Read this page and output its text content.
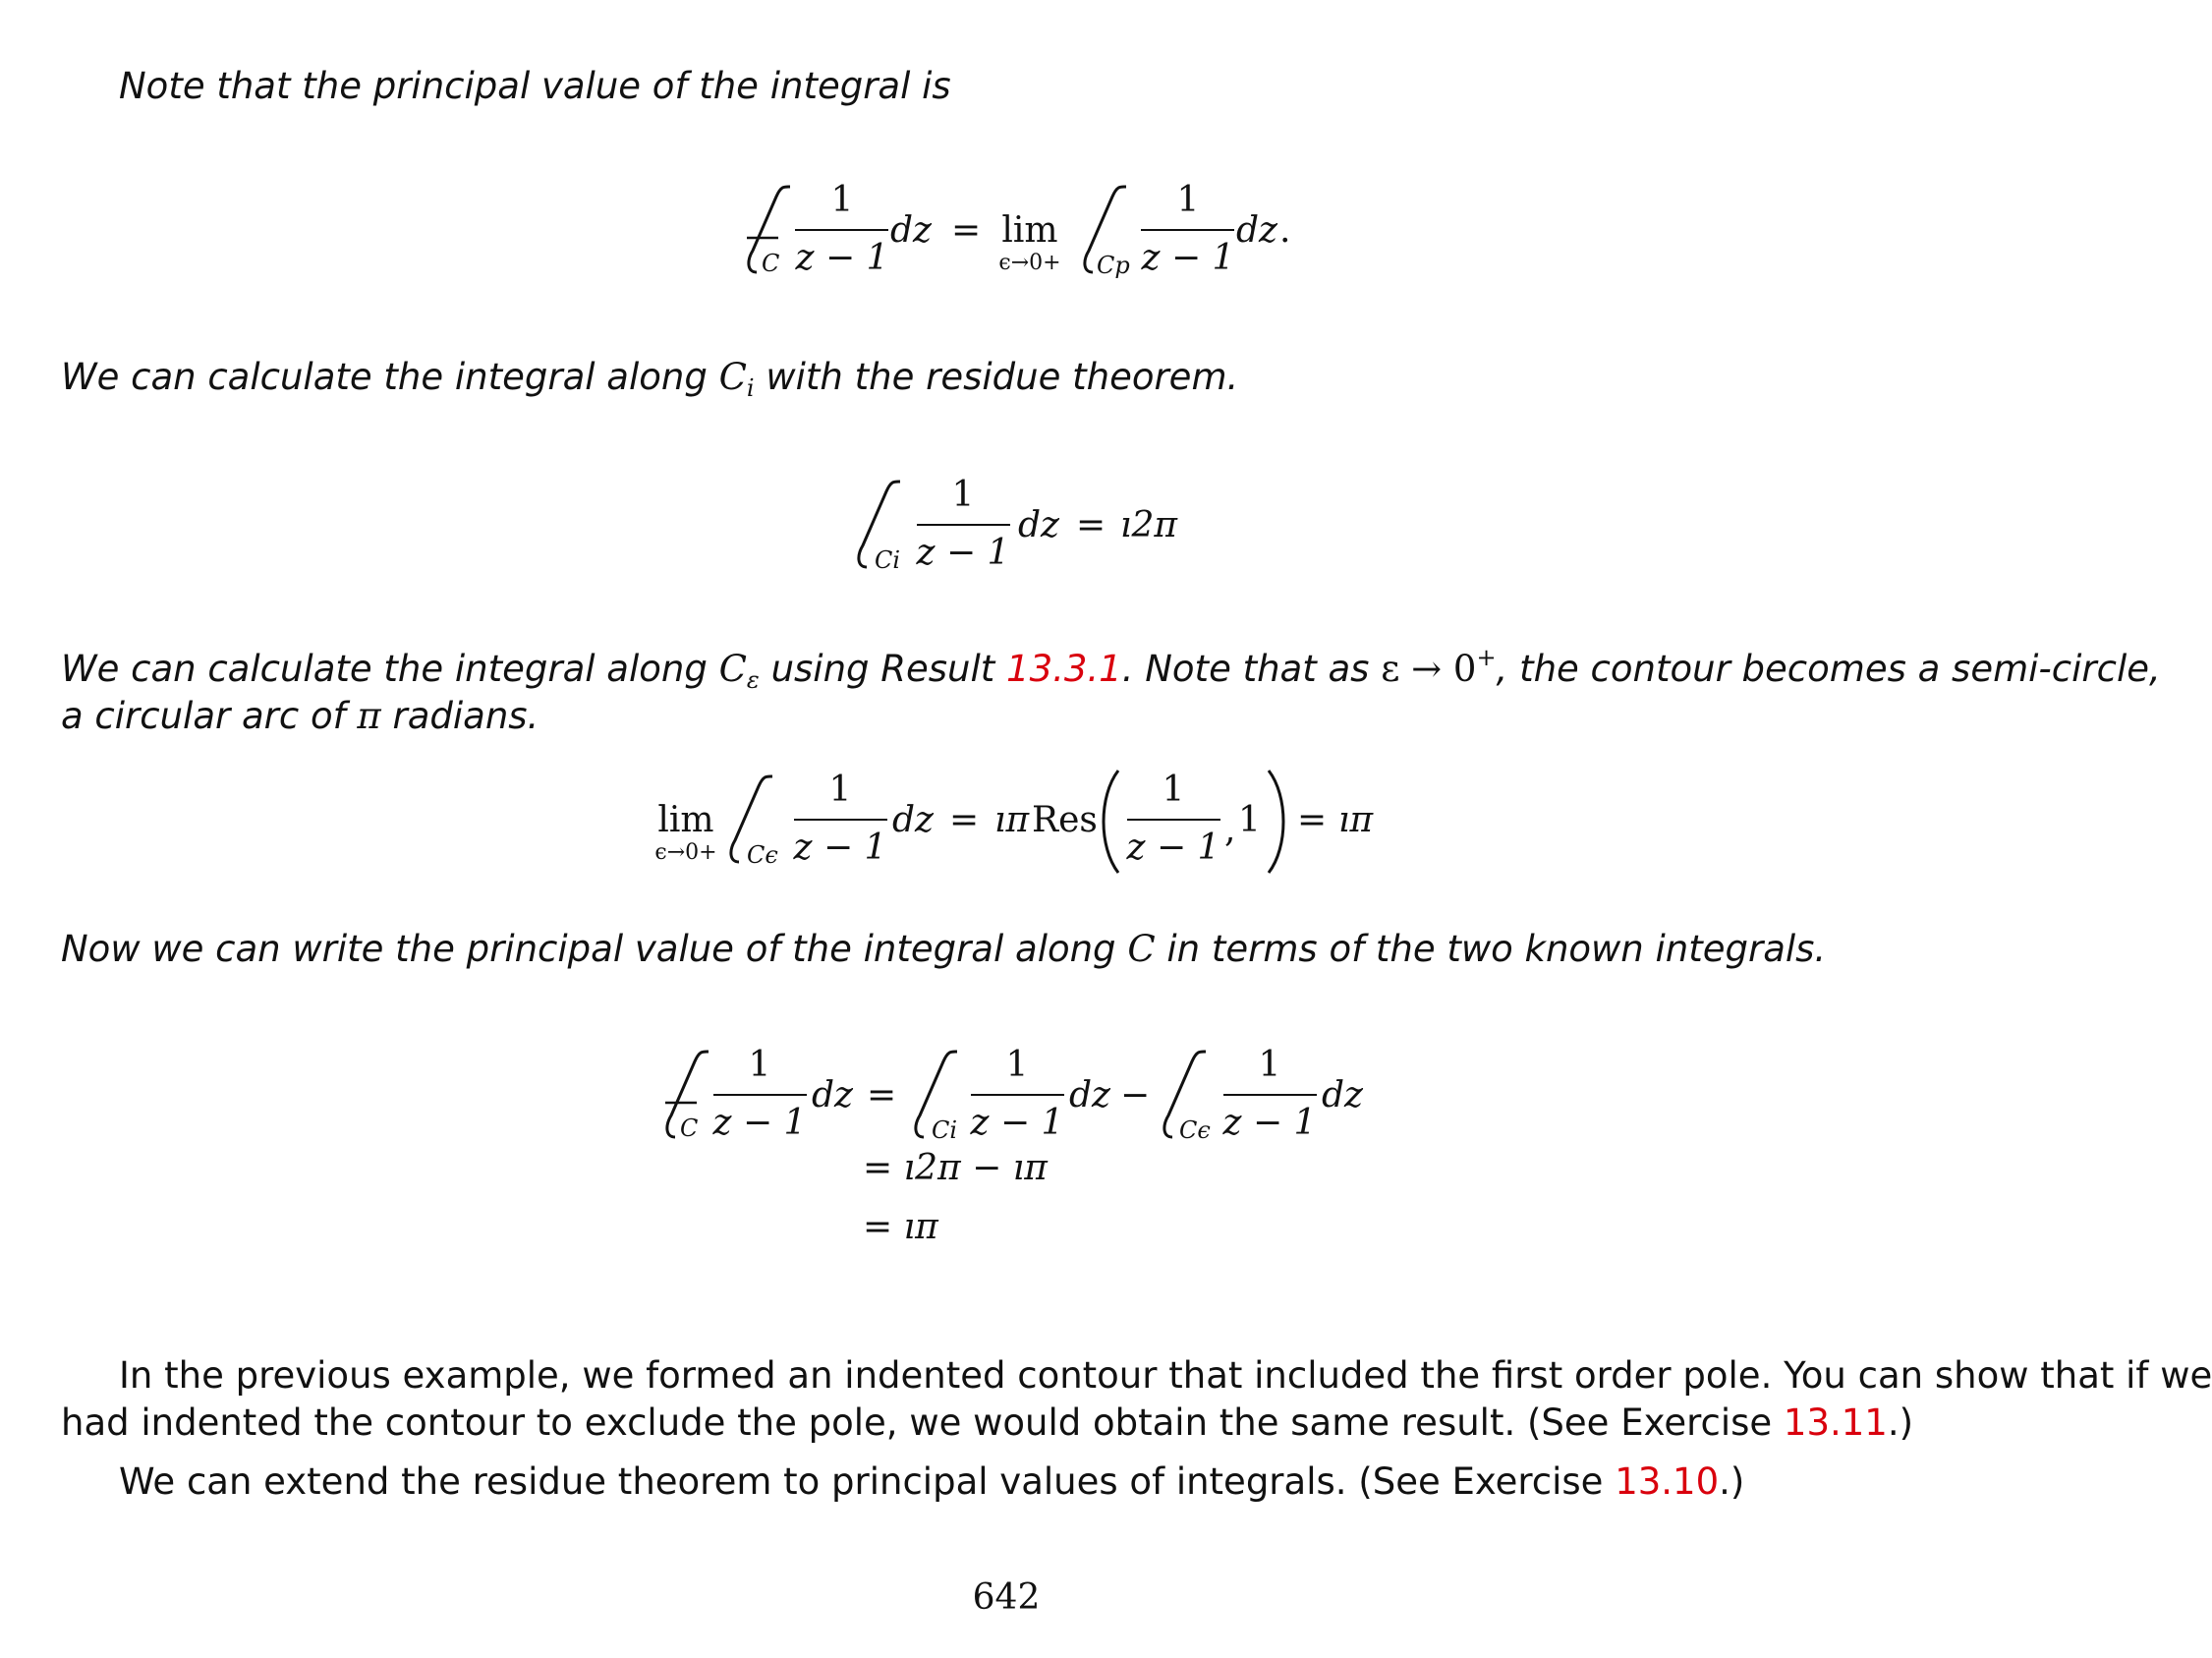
Note that the principal value of the integral is
C
1
z − 1
dz = lim
ϵ→0+ Cp
1
z − 1
dz .
We can calculate the integral along $C_i$ with the residue theorem.
Ci
1
z − 1
dz = ı2π
We can calculate the integral along $C_\varepsilon$ using Result 13.3.1. Note that as ε → 0+, the contour becomes a semi-circle,
a circular arc of π radians.
lim
ϵ→0+ Cϵ
1
z − 1
dz = ıπ Res
1
z − 1 , 1 = ıπ
Now we can write the principal value of the integral along C in terms of the two known integrals.
C
1
z − 1
dz =
Ci
1
z − 1
dz −
Cϵ
1
z − 1
dz
= ı2π − ıπ
= ıπ
In the previous example, we formed an indented contour that included the first order pole. You can show that if we
had indented the contour to exclude the pole, we would obtain the same result. (See Exercise 13.11.)
We can extend the residue theorem to principal values of integrals. (See Exercise 13.10.)
642
